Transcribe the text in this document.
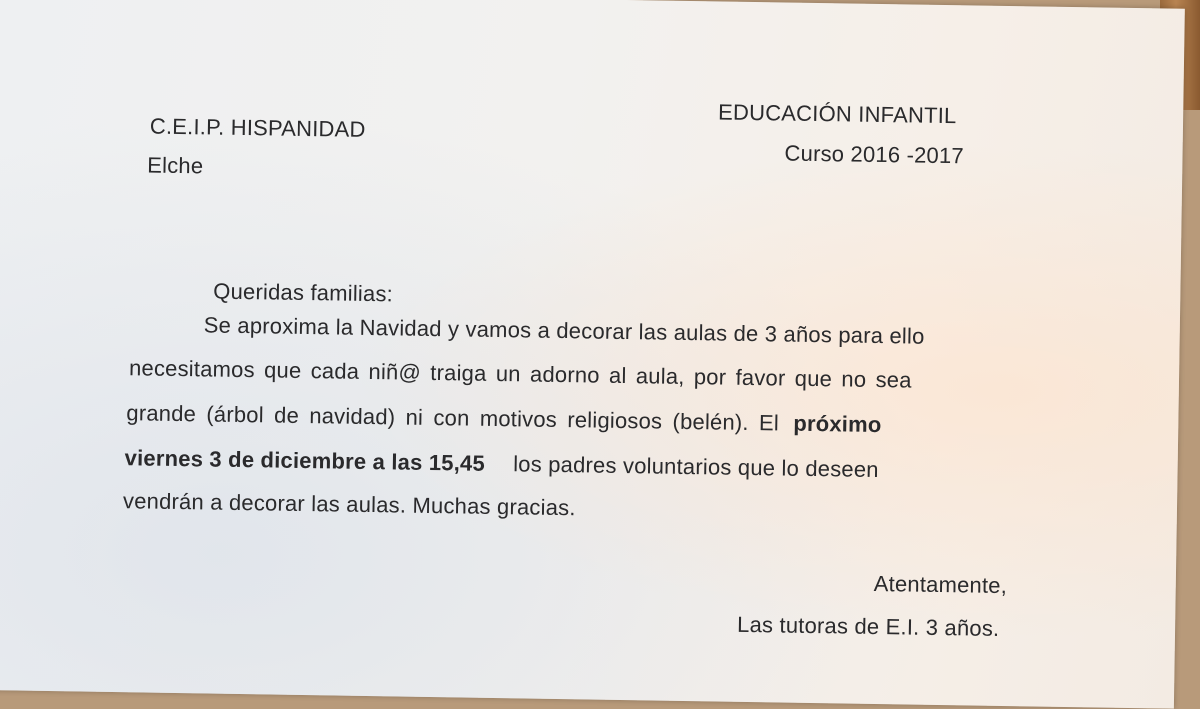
C.E.I.P. HISPANIDAD
Elche
EDUCACIÓN INFANTIL
Curso 2016 -2017
Queridas familias:
Se aproxima la Navidad y vamos a decorar las aulas de 3 años para ello
necesitamos que cada niñ@ traiga un adorno al aula, por favor que no sea
grande (árbol de navidad) ni con motivos religiosos (belén). El próximo
viernes 3 de diciembre a las 15,45 los padres voluntarios que lo deseen
vendrán a decorar las aulas. Muchas gracias.
Atentamente,
Las tutoras de E.I. 3 años.
